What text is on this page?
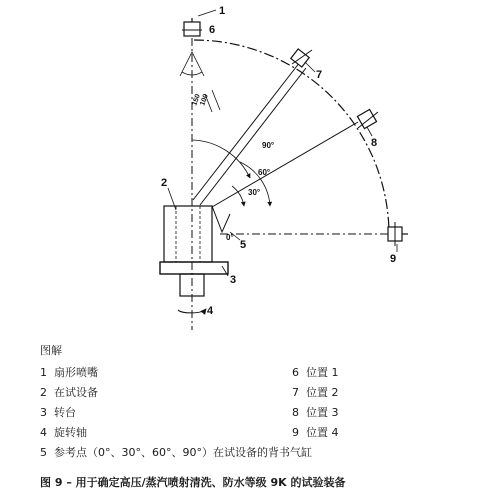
1
6
7
8
9
2
3
4
5
90°
60°
30°
0°
150
100
图解
1 扇形喷嘴	6 位置 1
2 在试设备	7 位置 2
3 转台	8 位置 3
4 旋转轴	9 位置 4
5 参考点（0°、30°、60°、90°）在试设备的背书气缸
图 9 – 用于确定高压/蒸汽喷射清洗、防水等级 9K 的试验装备
